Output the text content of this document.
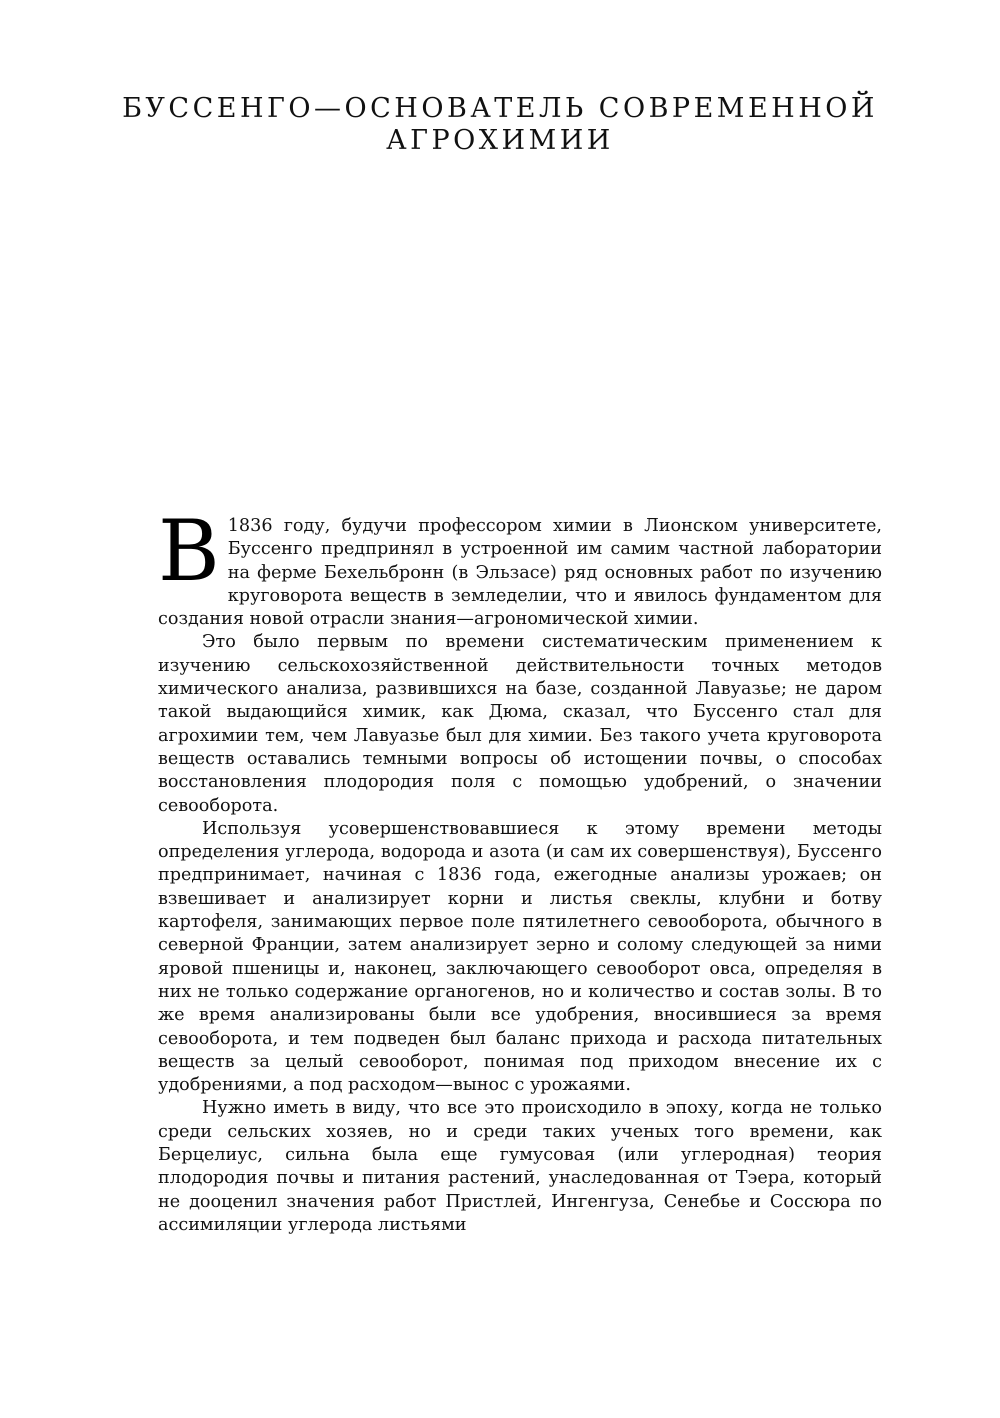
БУССЕНГО—ОСНОВАТЕЛЬ СОВРЕМЕННОЙ
АГРОХИМИИ

В 1836 году, будучи профессором химии в Лионском университете, Буссенго предпринял в устроенной им самим частной лаборатории на ферме Бехельбронн (в Эльзасе) ряд основных работ по изучению круговорота веществ в земледелии, что и явилось фундаментом для создания новой отрасли знания—агрономической химии.

Это было первым по времени систематическим применением к изучению сельскохозяйственной действительности точных методов химического анализа, развившихся на базе, созданной Лавуазье; не даром такой выдающийся химик, как Дюма, сказал, что Буссенго стал для агрохимии тем, чем Лавуазье был для химии. Без такого учета круговорота веществ оставались темными вопросы об истощении почвы, о способах восстановления плодородия поля с помощью удобрений, о значении севооборота.

Используя усовершенствовавшиеся к этому времени методы определения углерода, водорода и азота (и сам их совершенствуя), Буссенго предпринимает, начиная с 1836 года, ежегодные анализы урожаев; он взвешивает и анализирует корни и листья свеклы, клубни и ботву картофеля, занимающих первое поле пятилетнего севооборота, обычного в северной Франции, затем анализирует зерно и солому следующей за ними яровой пшеницы и, наконец, заключающего севооборот овса, определяя в них не только содержание органогенов, но и количество и состав золы. В то же время анализированы были все удобрения, вносившиеся за время севооборота, и тем подведен был баланс прихода и расхода питательных веществ за целый севооборот, понимая под приходом внесение их с удобрениями, а под расходом—вынос с урожаями.

Нужно иметь в виду, что все это происходило в эпоху, когда не только среди сельских хозяев, но и среди таких ученых того времени, как Берцелиус, сильна была еще гумусовая (или углеродная) теория плодородия почвы и питания растений, унаследованная от Тэера, который не дооценил значения работ Пристлей, Ингенгуза, Сенебье и Соссюра по ассимиляции углерода листьями
